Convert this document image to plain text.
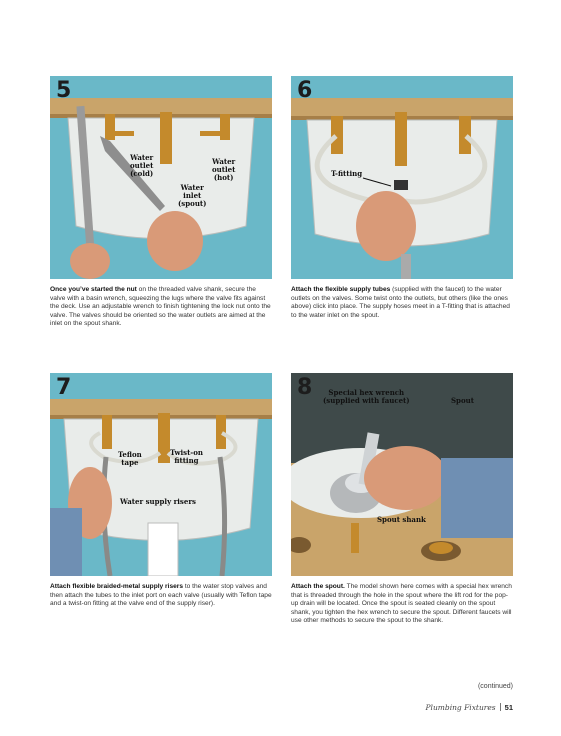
5
Water
outlet
(cold)
Water
inlet
(spout)
Water
outlet
(hot)
Once you’ve started the nut on the threaded valve shank, secure the valve with a basin wrench, squeezing the lugs where the valve fits against the deck. Use an adjustable wrench to finish tightening the lock nut onto the valve. The valves should be oriented so the water outlets are aimed at the inlet on the spout shank.
6
T-fitting
Attach the flexible supply tubes (supplied with the faucet) to the water outlets on the valves. Some twist onto the outlets, but others (like the ones above) click into place. The supply hoses meet in a T-fitting that is attached to the water inlet on the spout.
7
Teflon
tape
Twist-on
fitting
Water supply risers
Attach flexible braided-metal supply risers to the water stop valves and then attach the tubes to the inlet port on each valve (usually with Teflon tape and a twist-on fitting at the valve end of the supply riser).
8	Special hex wrench
(supplied with faucet)	Spout
Spout shank
Attach the spout. The model shown here comes with a special hex wrench that is threaded through the hole in the spout where the lift rod for the pop-up drain will be located. Once the spout is seated cleanly on the spout shank, you tighten the hex wrench to secure the spout. Different faucets will use other methods to secure the spout to the shank.
(continued)
Plumbing Fixtures 51
